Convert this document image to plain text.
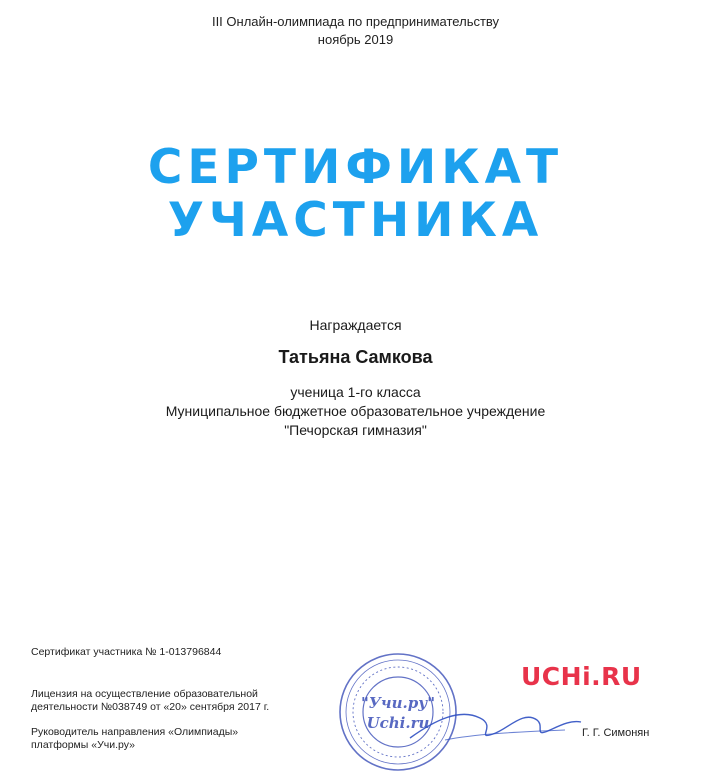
III Онлайн-олимпиада по предпринимательству
ноябрь 2019
СЕРТИФИКАТ
УЧАСТНИКА
Награждается
Татьяна Самкова
ученица 1-го класса
Муниципальное бюджетное образовательное учреждение
"Печорская гимназия"
Сертификат участника № 1-013796844
Лицензия на осуществление образовательной
деятельности №038749 от «20» сентября 2017 г.
Руководитель направления «Олимпиады»
платформы «Учи.ру»
"Учи.ру"
Uchi.ru
UCHi.RU
Г. Г. Симонян
